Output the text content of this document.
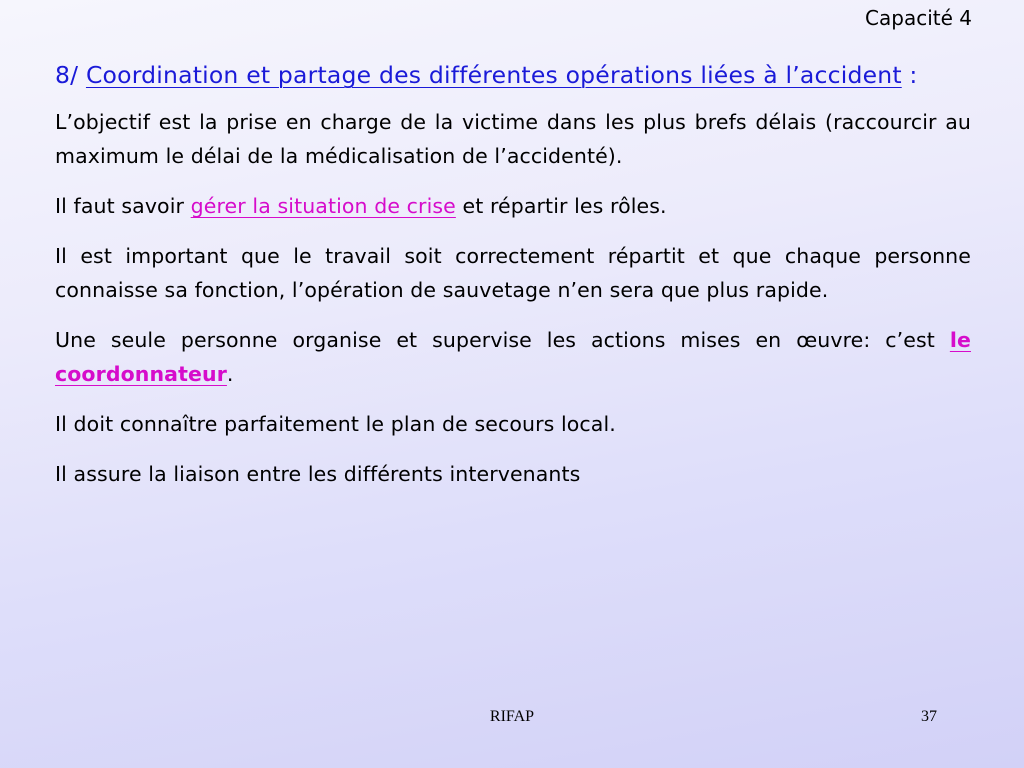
Capacité 4
8/ Coordination et partage des différentes opérations liées à l’accident :

L’objectif est la prise en charge de la victime dans les plus brefs délais (raccourcir au maximum le délai de la médicalisation de l’accidenté).

Il faut savoir gérer la situation de crise et répartir les rôles.

Il est important que le travail soit correctement répartit et que chaque personne connaisse sa fonction, l’opération de sauvetage n’en sera que plus rapide.

Une seule personne organise et supervise les actions mises en œuvre: c’est le coordonnateur.

Il doit connaître parfaitement le plan de secours local.

Il assure la liaison entre les différents intervenants

RIFAP	37
